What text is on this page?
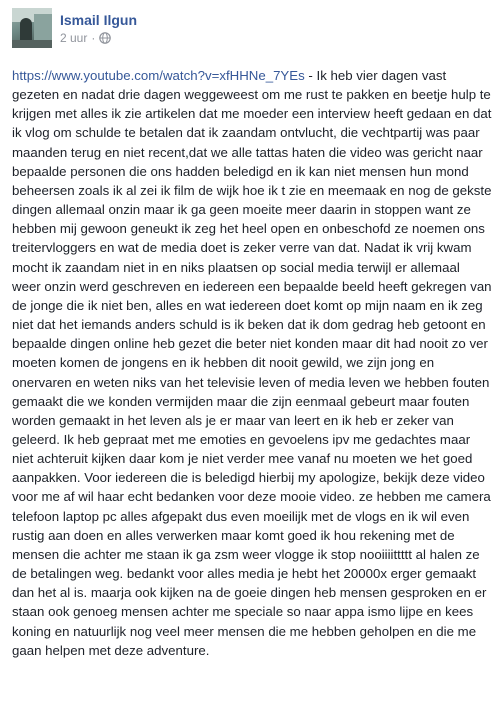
Ismail Ilgun
2 uur ·

https://www.youtube.com/watch?v=xfHHNe_7YEs - Ik heb vier dagen vast gezeten en nadat drie dagen weggeweest om me rust te pakken en beetje hulp te krijgen met alles ik zie artikelen dat me moeder een interview heeft gedaan en dat ik vlog om schulde te betalen dat ik zaandam ontvlucht, die vechtpartij was paar maanden terug en niet recent,dat we alle tattas haten die video was gericht naar bepaalde personen die ons hadden beledigd en ik kan niet mensen hun mond beheersen zoals ik al zei ik film de wijk hoe ik t zie en meemaak en nog de gekste dingen allemaal onzin maar ik ga geen moeite meer daarin in stoppen want ze hebben mij gewoon geneukt ik zeg het heel open en onbeschofd ze noemen ons treitervloggers en wat de media doet is zeker verre van dat. Nadat ik vrij kwam mocht ik zaandam niet in en niks plaatsen op social media terwijl er allemaal weer onzin werd geschreven en iedereen een bepaalde beeld heeft gekregen van de jonge die ik niet ben, alles en wat iedereen doet komt op mijn naam en ik zeg niet dat het iemands anders schuld is ik beken dat ik dom gedrag heb getoont en bepaalde dingen online heb gezet die beter niet konden maar dit had nooit zo ver moeten komen de jongens en ik hebben dit nooit gewild, we zijn jong en onervaren en weten niks van het televisie leven of media leven we hebben fouten gemaakt die we konden vermijden maar die zijn eenmaal gebeurt maar fouten worden gemaakt in het leven als je er maar van leert en ik heb er zeker van geleerd. Ik heb gepraat met me emoties en gevoelens ipv me gedachtes maar niet achteruit kijken daar kom je niet verder mee vanaf nu moeten we het goed aanpakken. Voor iedereen die is beledigd hierbij my apologize, bekijk deze video voor me af wil haar echt bedanken voor deze mooie video. ze hebben me camera telefoon laptop pc alles afgepakt dus even moeilijk met de vlogs en ik wil even rustig aan doen en alles verwerken maar komt goed ik hou rekening met de mensen die achter me staan ik ga zsm weer vlogge ik stop nooiiiittttt al halen ze de betalingen weg. bedankt voor alles media je hebt het 20000x erger gemaakt dan het al is. maarja ook kijken na de goeie dingen heb mensen gesproken en er staan ook genoeg mensen achter me speciale so naar appa ismo lijpe en kees koning en natuurlijk nog veel meer mensen die me hebben geholpen en die me gaan helpen met deze adventure.
